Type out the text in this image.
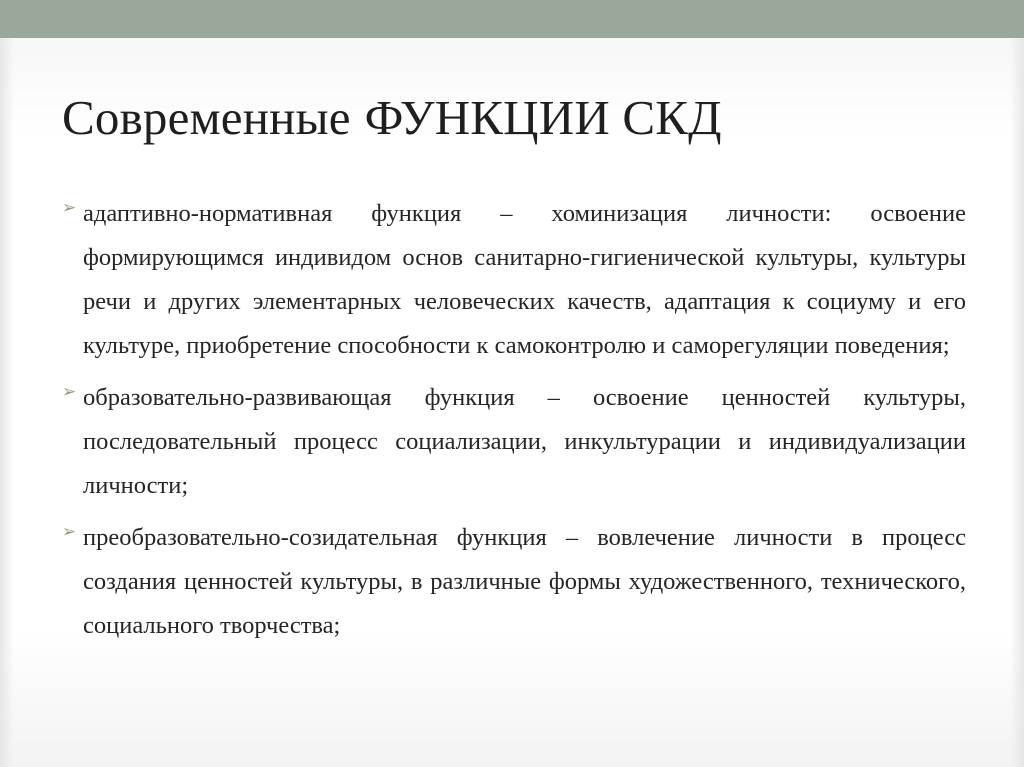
Современные ФУНКЦИИ СКД
➢ адаптивно-нормативная функция – хоминизация личности: освоение формирующимся индивидом основ санитарно-гигиенической культуры, культуры речи и других элементарных человеческих качеств, адаптация к социуму и его культуре, приобретение способности к самоконтролю и саморегуляции поведения;
➢ образовательно-развивающая функция – освоение ценностей культуры, последовательный процесс социализации, инкультурации и индивидуализации личности;
➢ преобразовательно-созидательная функция – вовлечение личности в процесс создания ценностей культуры, в различные формы художественного, технического, социального творчества;
